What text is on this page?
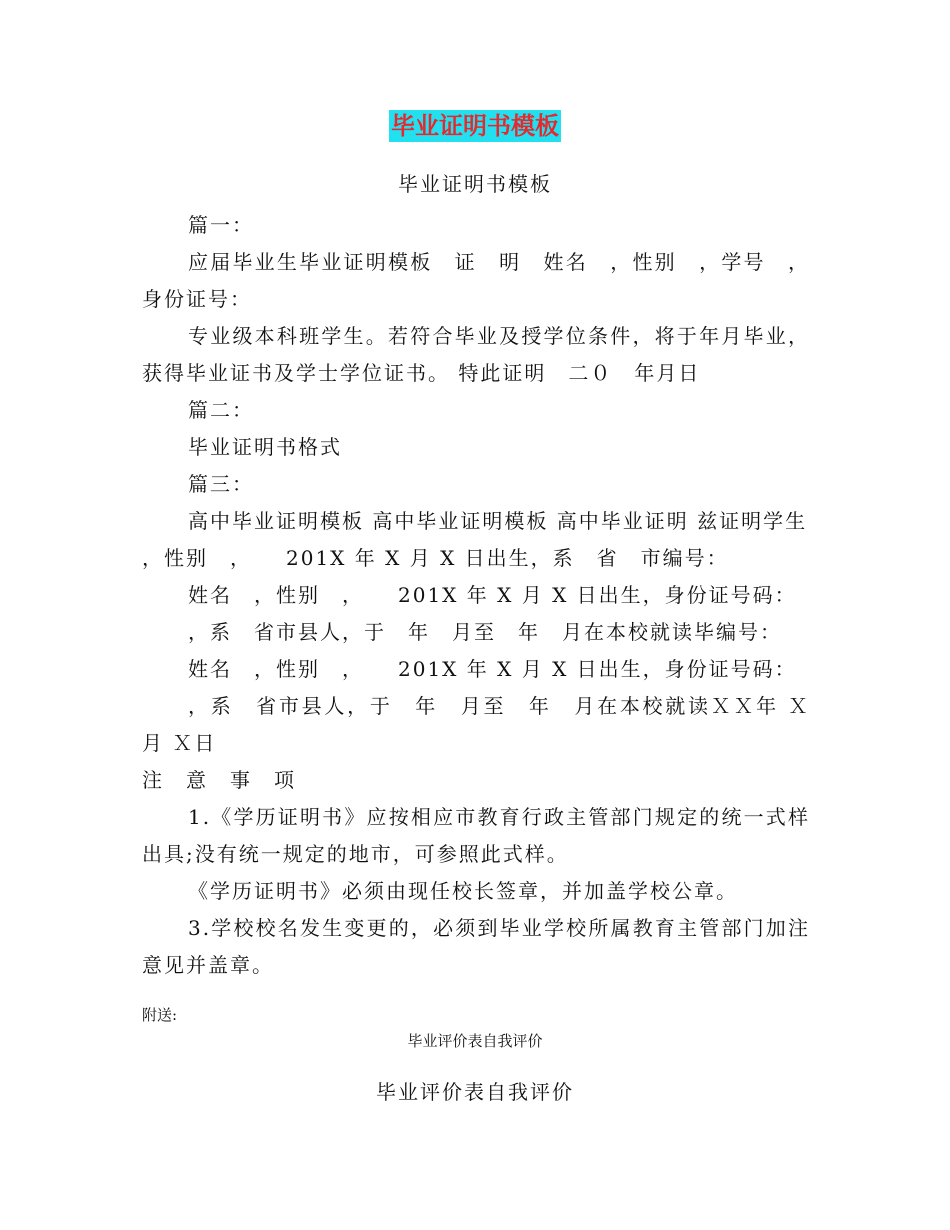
毕业证明书模板
毕业证明书模板

篇一：

应届毕业生毕业证明模板　证　明　姓名　，性别　，学号　，身份证号：

专业级本科班学生。若符合毕业及授学位条件，将于年月毕业，获得毕业证书及学士学位证书。 特此证明　二０　年月日

篇二：

毕业证明书格式

篇三：

高中毕业证明模板 高中毕业证明模板 高中毕业证明 兹证明学生

，性别　，　　201X 年 X 月 X 日出生，系　省　市编号：

姓名　，性别　，　　201X 年 X 月 X 日出生，身份证号码：

，系　省市县人，于　年　月至　年　月在本校就读毕编号：

姓名　，性别　，　　201X 年 X 月 X 日出生，身份证号码：

，系　省市县人，于　年　月至　年　月在本校就读ＸＸ年 Ｘ月 Ｘ日

注　意　事　项

1.《学历证明书》应按相应市教育行政主管部门规定的统一式样出具;没有统一规定的地市，可参照此式样。

《学历证明书》必须由现任校长签章，并加盖学校公章。

3.学校校名发生变更的，必须到毕业学校所属教育主管部门加注意见并盖章。

附送:
毕业评价表自我评价
毕业评价表自我评价
